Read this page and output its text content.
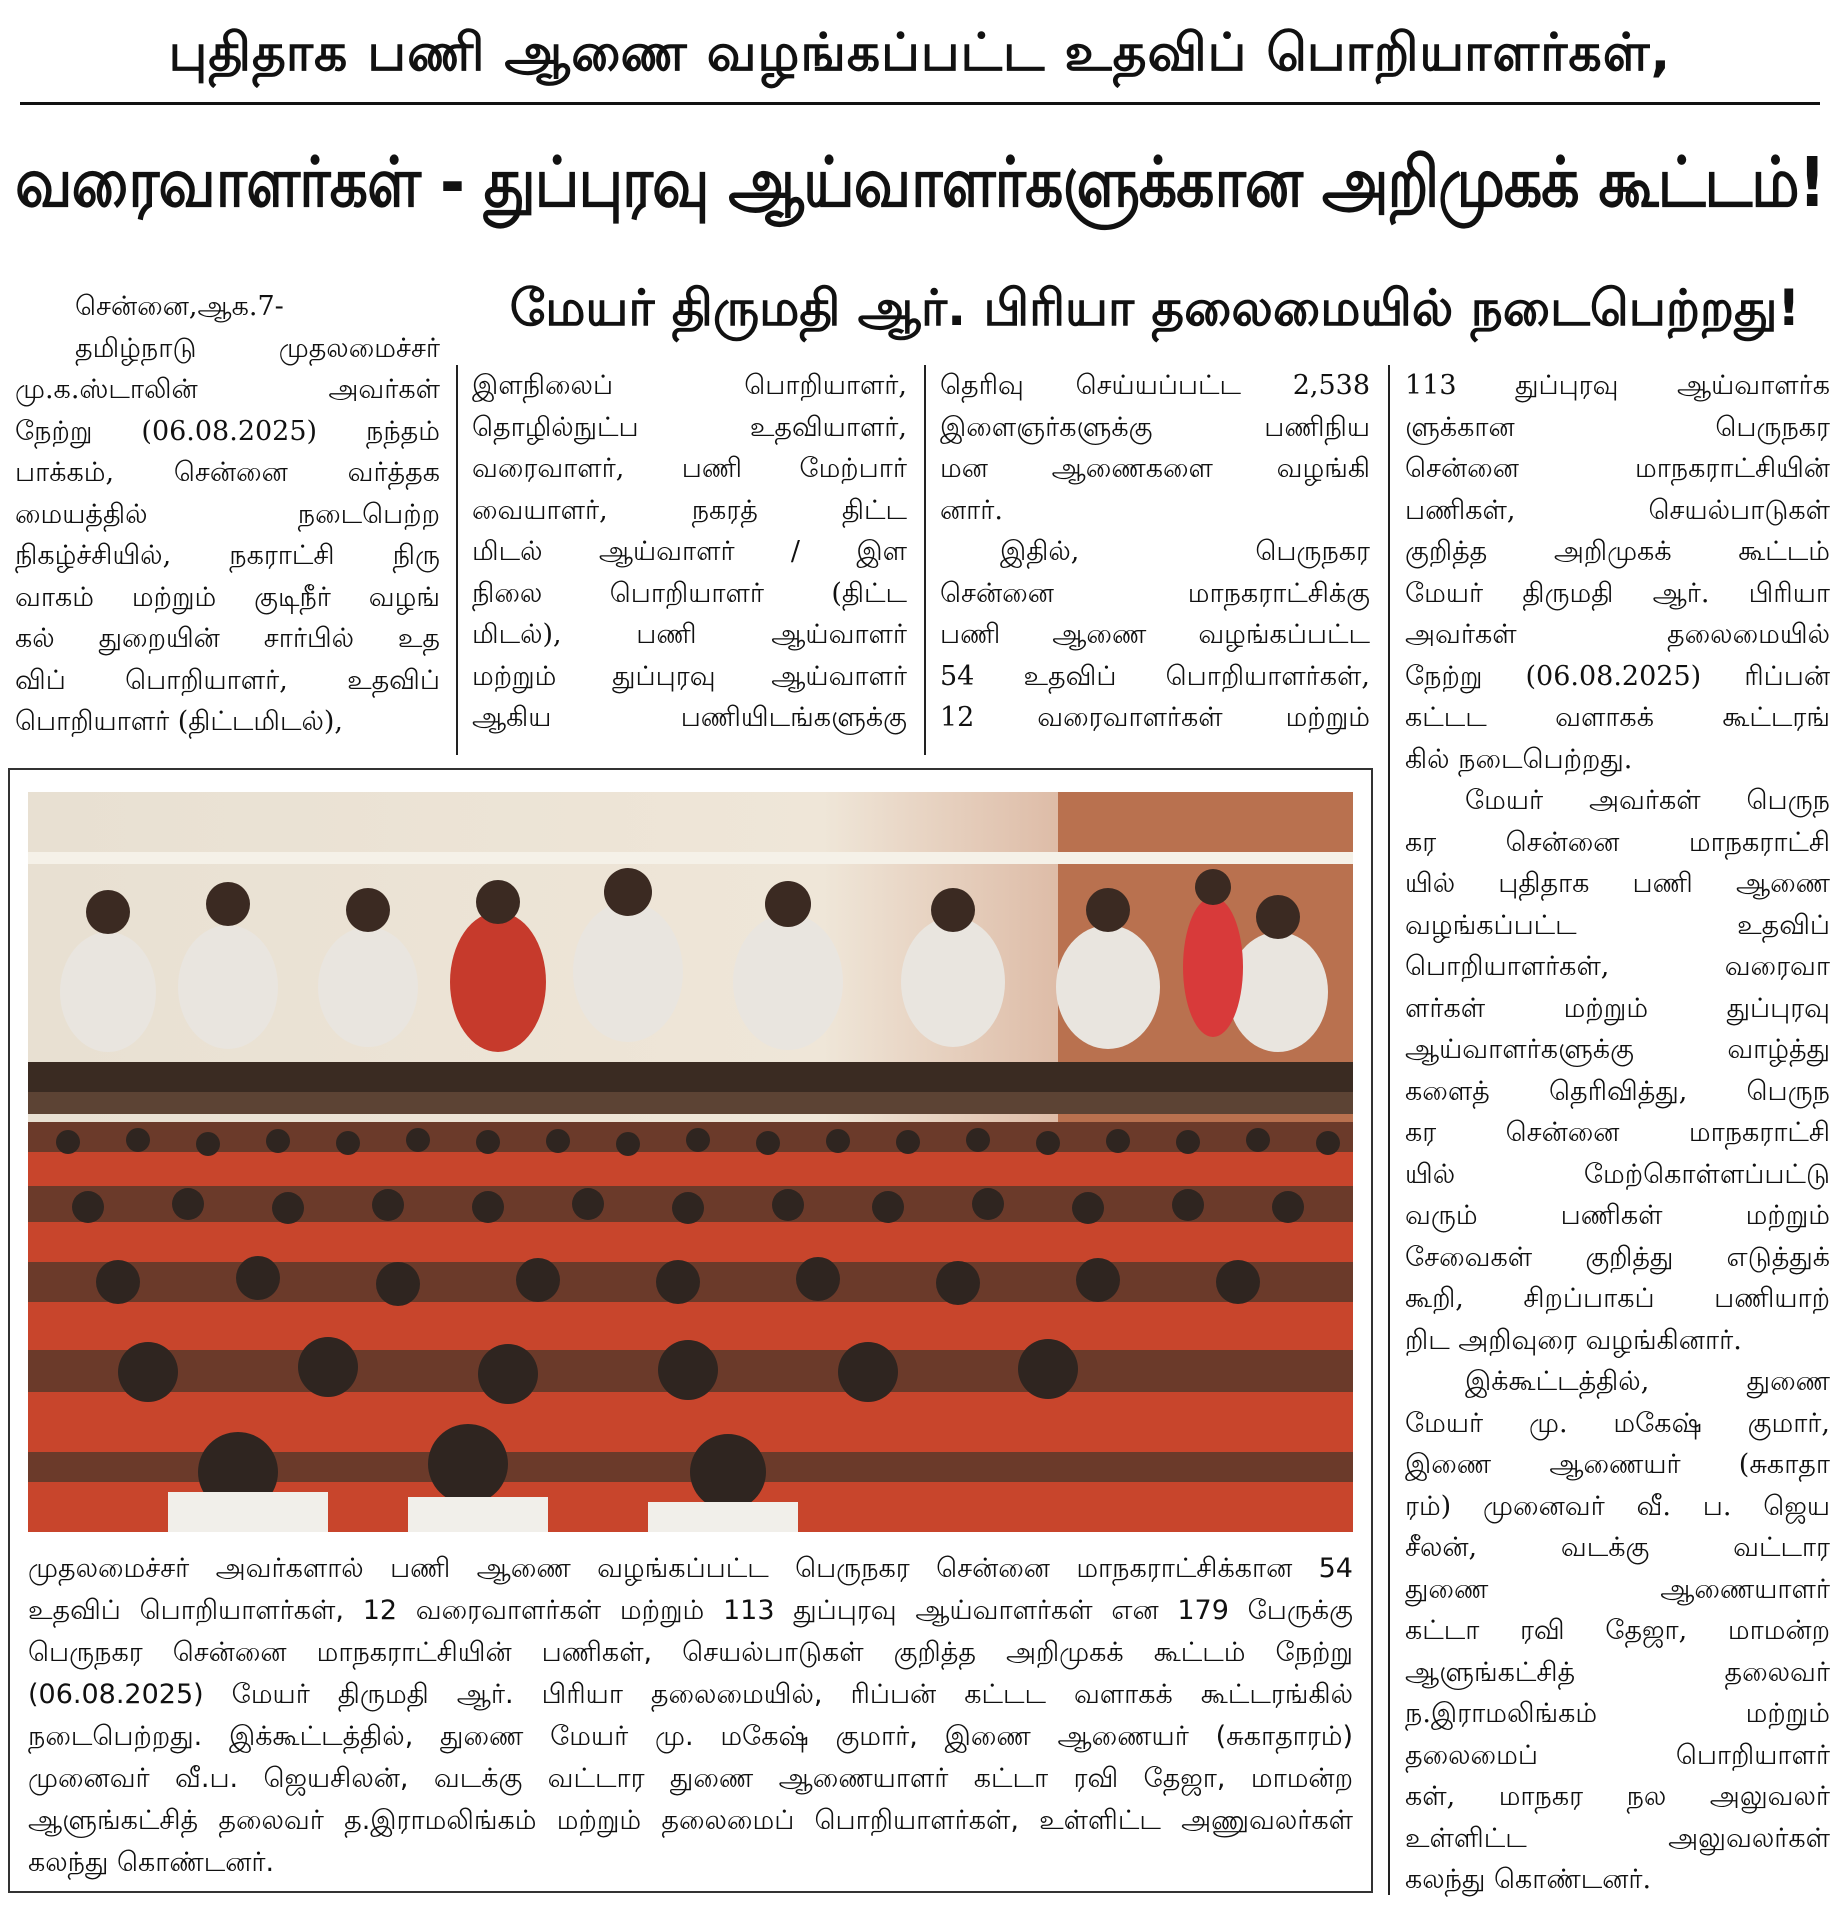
புதிதாக பணி ஆணை வழங்கப்பட்ட உதவிப் பொறியாளர்கள்,
வரைவாளர்கள் - துப்புரவு ஆய்வாளர்களுக்கான அறிமுகக் கூட்டம்!
மேயர் திருமதி ஆர். பிரியா தலைமையில் நடைபெற்றது!
சென்னை,ஆக.7-
தமிழ்நாடு முதலமைச்சர்
மு.க.ஸ்டாலின் அவர்கள்
நேற்று (06.08.2025) நந்தம்
பாக்கம், சென்னை வர்த்தக
மையத்தில் நடைபெற்ற
நிகழ்ச்சியில், நகராட்சி நிரு
வாகம் மற்றும் குடிநீர் வழங்
கல் துறையின் சார்பில் உத
விப் பொறியாளர், உதவிப்
பொறியாளர் (திட்டமிடல்),
இளநிலைப் பொறியாளர்,
தொழில்நுட்ப உதவியாளர்,
வரைவாளர், பணி மேற்பார்
வையாளர், நகரத் திட்ட
மிடல் ஆய்வாளர் / இள
நிலை பொறியாளர் (திட்ட
மிடல்), பணி ஆய்வாளர்
மற்றும் துப்புரவு ஆய்வாளர்
ஆகிய பணியிடங்களுக்கு
தெரிவு செய்யப்பட்ட 2,538
இளைஞர்களுக்கு பணிநிய
மன ஆணைகளை வழங்கி
னார்.
இதில், பெருநகர
சென்னை மாநகராட்சிக்கு
பணி ஆணை வழங்கப்பட்ட
54 உதவிப் பொறியாளர்கள்,
12 வரைவாளர்கள் மற்றும்
113 துப்புரவு ஆய்வாளர்க
ளுக்கான பெருநகர
சென்னை மாநகராட்சியின்
பணிகள், செயல்பாடுகள்
குறித்த அறிமுகக் கூட்டம்
மேயர் திருமதி ஆர். பிரியா
அவர்கள் தலைமையில்
நேற்று (06.08.2025) ரிப்பன்
கட்டட வளாகக் கூட்டரங்
கில் நடைபெற்றது.
மேயர் அவர்கள் பெருந
கர சென்னை மாநகராட்சி
யில் புதிதாக பணி ஆணை
வழங்கப்பட்ட உதவிப்
பொறியாளர்கள், வரைவா
ளர்கள் மற்றும் துப்புரவு
ஆய்வாளர்களுக்கு வாழ்த்து
களைத் தெரிவித்து, பெருந
கர சென்னை மாநகராட்சி
யில் மேற்கொள்ளப்பட்டு
வரும் பணிகள் மற்றும்
சேவைகள் குறித்து எடுத்துக்
கூறி, சிறப்பாகப் பணியாற்
றிட அறிவுரை வழங்கினார்.
இக்கூட்டத்தில், துணை
மேயர் மு. மகேஷ் குமார்,
இணை ஆணையர் (சுகாதா
ரம்) முனைவர் வீ. ப. ஜெய
சீலன், வடக்கு வட்டார
துணை ஆணையாளர்
கட்டா ரவி தேஜா, மாமன்ற
ஆளுங்கட்சித் தலைவர்
ந.இராமலிங்கம் மற்றும்
தலைமைப் பொறியாளர்
கள், மாநகர நல அலுவலர்
உள்ளிட்ட அலுவலர்கள்
கலந்து கொண்டனர்.
முதலமைச்சர் அவர்களால் பணி ஆணை வழங்கப்பட்ட பெருநகர சென்னை மாநகராட்சிக்கான 54
உதவிப் பொறியாளர்கள், 12 வரைவாளர்கள் மற்றும் 113 துப்புரவு ஆய்வாளர்கள் என 179 பேருக்கு
பெருநகர சென்னை மாநகராட்சியின் பணிகள், செயல்பாடுகள் குறித்த அறிமுகக் கூட்டம் நேற்று
(06.08.2025) மேயர் திருமதி ஆர். பிரியா தலைமையில், ரிப்பன் கட்டட வளாகக் கூட்டரங்கில்
நடைபெற்றது. இக்கூட்டத்தில், துணை மேயர் மு. மகேஷ் குமார், இணை ஆணையர் (சுகாதாரம்)
முனைவர் வீ.ப. ஜெயசிலன், வடக்கு வட்டார துணை ஆணையாளர் கட்டா ரவி தேஜா, மாமன்ற
ஆளுங்கட்சித் தலைவர் த.இராமலிங்கம் மற்றும் தலைமைப் பொறியாளர்கள், உள்ளிட்ட அணுவலர்கள்
கலந்து கொண்டனர்.
